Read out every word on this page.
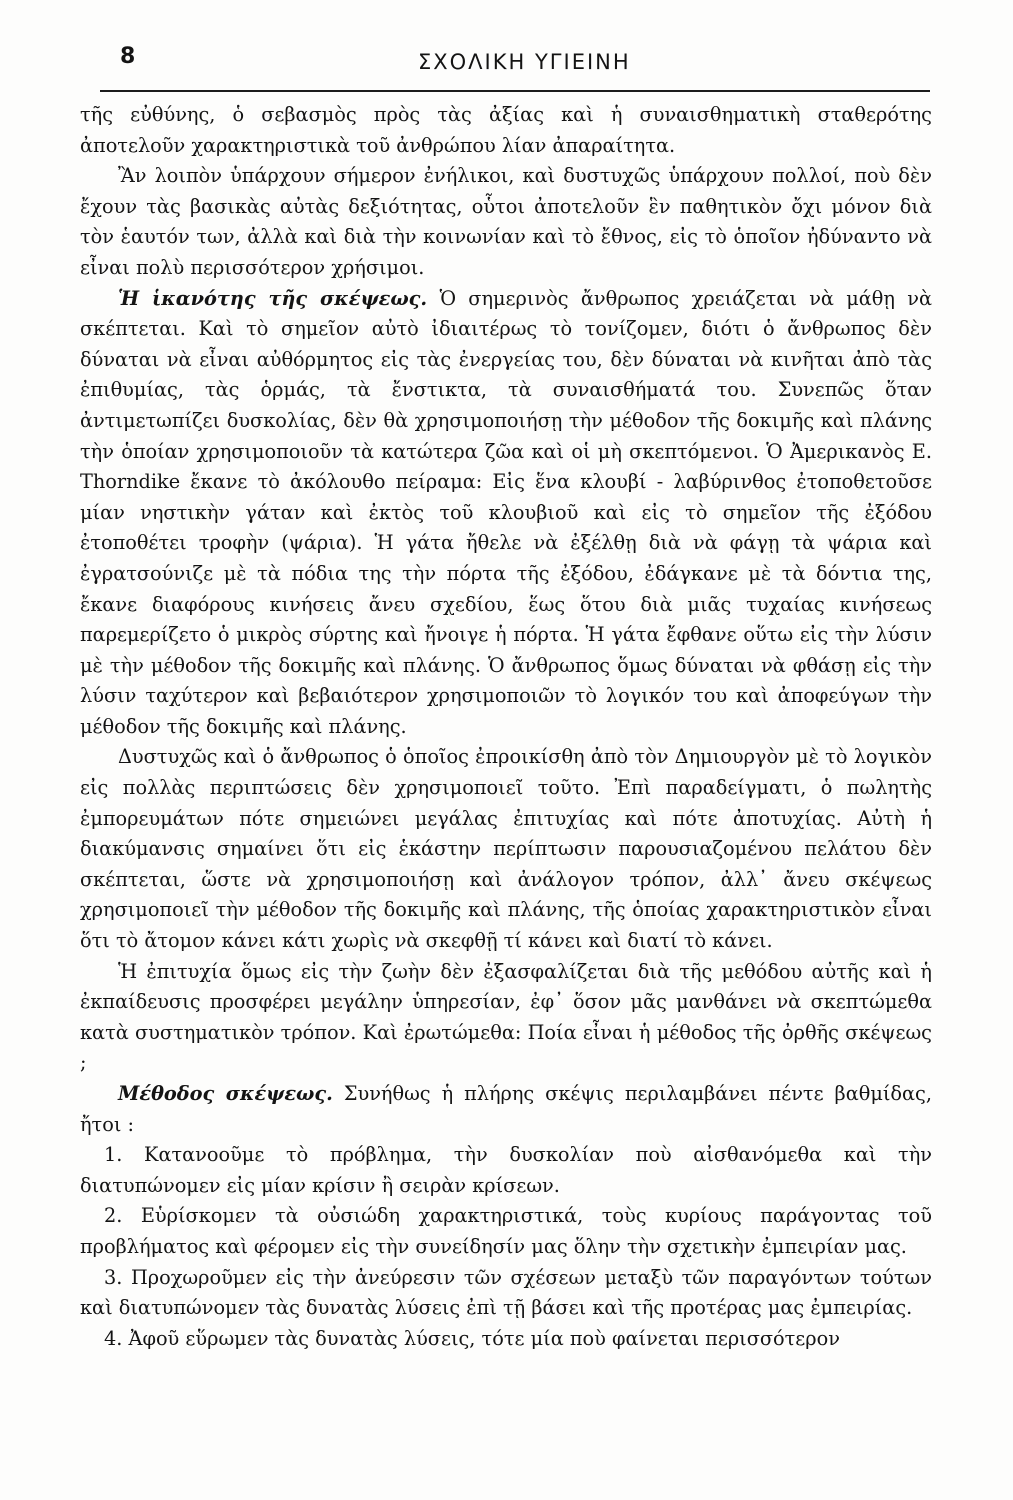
8	ΣΧΟΛΙΚΗ ΥΓΙΕΙΝΗ

τῆς εὐθύνης, ὁ σεβασμὸς πρὸς τὰς ἀξίας καὶ ἡ συναισθηματικὴ σταθερότης ἀποτελοῦν χαρακτηριστικὰ τοῦ ἀνθρώπου λίαν ἀπαραίτητα.

Ἂν λοιπὸν ὑπάρχουν σήμερον ἐνήλικοι, καὶ δυστυχῶς ὑπάρχουν πολλοί, ποὺ δὲν ἔχουν τὰς βασικὰς αὐτὰς δεξιότητας, οὗτοι ἀποτελοῦν ἓν παθητικὸν ὄχι μόνον διὰ τὸν ἑαυτόν των, ἀλλὰ καὶ διὰ τὴν κοινωνίαν καὶ τὸ ἔθνος, εἰς τὸ ὁποῖον ἠδύναντο νὰ εἶναι πολὺ περισσότερον χρήσιμοι.

Ἡ ἱκανότης τῆς σκέψεως. Ὁ σημερινὸς ἄνθρωπος χρειάζεται νὰ μάθῃ νὰ σκέπτεται. Καὶ τὸ σημεῖον αὐτὸ ἰδιαιτέρως τὸ τονίζομεν, διότι ὁ ἄνθρωπος δὲν δύναται νὰ εἶναι αὐθόρμητος εἰς τὰς ἐνεργείας του, δὲν δύναται νὰ κινῆται ἀπὸ τὰς ἐπιθυμίας, τὰς ὁρμάς, τὰ ἔνστικτα, τὰ συναισθήματά του. Συνεπῶς ὅταν ἀντιμετωπίζει δυσκολίας, δὲν θὰ χρησιμοποιήσῃ τὴν μέθοδον τῆς δοκιμῆς καὶ πλάνης τὴν ὁποίαν χρησιμοποιοῦν τὰ κατώτερα ζῶα καὶ οἱ μὴ σκεπτόμενοι. Ὁ Ἀμερικανὸς Ε. Thorndike ἔκανε τὸ ἀκόλουθο πείραμα: Εἰς ἕνα κλουβί - λαβύρινθος ἐτοποθετοῦσε μίαν νηστικὴν γάταν καὶ ἐκτὸς τοῦ κλουβιοῦ καὶ εἰς τὸ σημεῖον τῆς ἐξόδου ἐτοποθέτει τροφὴν (ψάρια). Ἡ γάτα ἤθελε νὰ ἐξέλθῃ διὰ νὰ φάγῃ τὰ ψάρια καὶ ἐγρατσούνιζε μὲ τὰ πόδια της τὴν πόρτα τῆς ἐξόδου, ἐδάγκανε μὲ τὰ δόντια της, ἔκανε διαφόρους κινήσεις ἄνευ σχεδίου, ἕως ὅτου διὰ μιᾶς τυχαίας κινήσεως παρεμερίζετο ὁ μικρὸς σύρτης καὶ ἤνοιγε ἡ πόρτα. Ἡ γάτα ἔφθανε οὕτω εἰς τὴν λύσιν μὲ τὴν μέθοδον τῆς δοκιμῆς καὶ πλάνης. Ὁ ἄνθρωπος ὅμως δύναται νὰ φθάσῃ εἰς τὴν λύσιν ταχύτερον καὶ βεβαιότερον χρησιμοποιῶν τὸ λογικόν του καὶ ἀποφεύγων τὴν μέθοδον τῆς δοκιμῆς καὶ πλάνης.

Δυστυχῶς καὶ ὁ ἄνθρωπος ὁ ὁποῖος ἐπροικίσθη ἀπὸ τὸν Δημιουργὸν μὲ τὸ λογικὸν εἰς πολλὰς περιπτώσεις δὲν χρησιμοποιεῖ τοῦτο. Ἐπὶ παραδείγματι, ὁ πωλητὴς ἐμπορευμάτων πότε σημειώνει μεγάλας ἐπιτυχίας καὶ πότε ἀποτυχίας. Αὐτὴ ἡ διακύμανσις σημαίνει ὅτι εἰς ἑκάστην περίπτωσιν παρουσιαζομένου πελάτου δὲν σκέπτεται, ὥστε νὰ χρησιμοποιήσῃ καὶ ἀνάλογον τρόπον, ἀλλ᾽ ἄνευ σκέψεως χρησιμοποιεῖ τὴν μέθοδον τῆς δοκιμῆς καὶ πλάνης, τῆς ὁποίας χαρακτηριστικὸν εἶναι ὅτι τὸ ἄτομον κάνει κάτι χωρὶς νὰ σκεφθῇ τί κάνει καὶ διατί τὸ κάνει.

Ἡ ἐπιτυχία ὅμως εἰς τὴν ζωὴν δὲν ἐξασφαλίζεται διὰ τῆς μεθόδου αὐτῆς καὶ ἡ ἐκπαίδευσις προσφέρει μεγάλην ὑπηρεσίαν, ἐφ᾽ ὅσον μᾶς μανθάνει νὰ σκεπτώμεθα κατὰ συστηματικὸν τρόπον. Καὶ ἐρωτώμεθα: Ποία εἶναι ἡ μέθοδος τῆς ὀρθῆς σκέψεως ;

Μέθοδος σκέψεως. Συνήθως ἡ πλήρης σκέψις περιλαμβάνει πέντε βαθμίδας, ἤτοι :

1. Κατανοοῦμε τὸ πρόβλημα, τὴν δυσκολίαν ποὺ αἰσθανόμεθα καὶ τὴν διατυπώνομεν εἰς μίαν κρίσιν ἢ σειρὰν κρίσεων.

2. Εὑρίσκομεν τὰ οὐσιώδη χαρακτηριστικά, τοὺς κυρίους παράγοντας τοῦ προβλήματος καὶ φέρομεν εἰς τὴν συνείδησίν μας ὅλην τὴν σχετικὴν ἐμπειρίαν μας.

3. Προχωροῦμεν εἰς τὴν ἀνεύρεσιν τῶν σχέσεων μεταξὺ τῶν παραγόντων τούτων καὶ διατυπώνομεν τὰς δυνατὰς λύσεις ἐπὶ τῇ βάσει καὶ τῆς προτέρας μας ἐμπειρίας.

4. Ἀφοῦ εὕρωμεν τὰς δυνατὰς λύσεις, τότε μία ποὺ φαίνεται περισσότερον
